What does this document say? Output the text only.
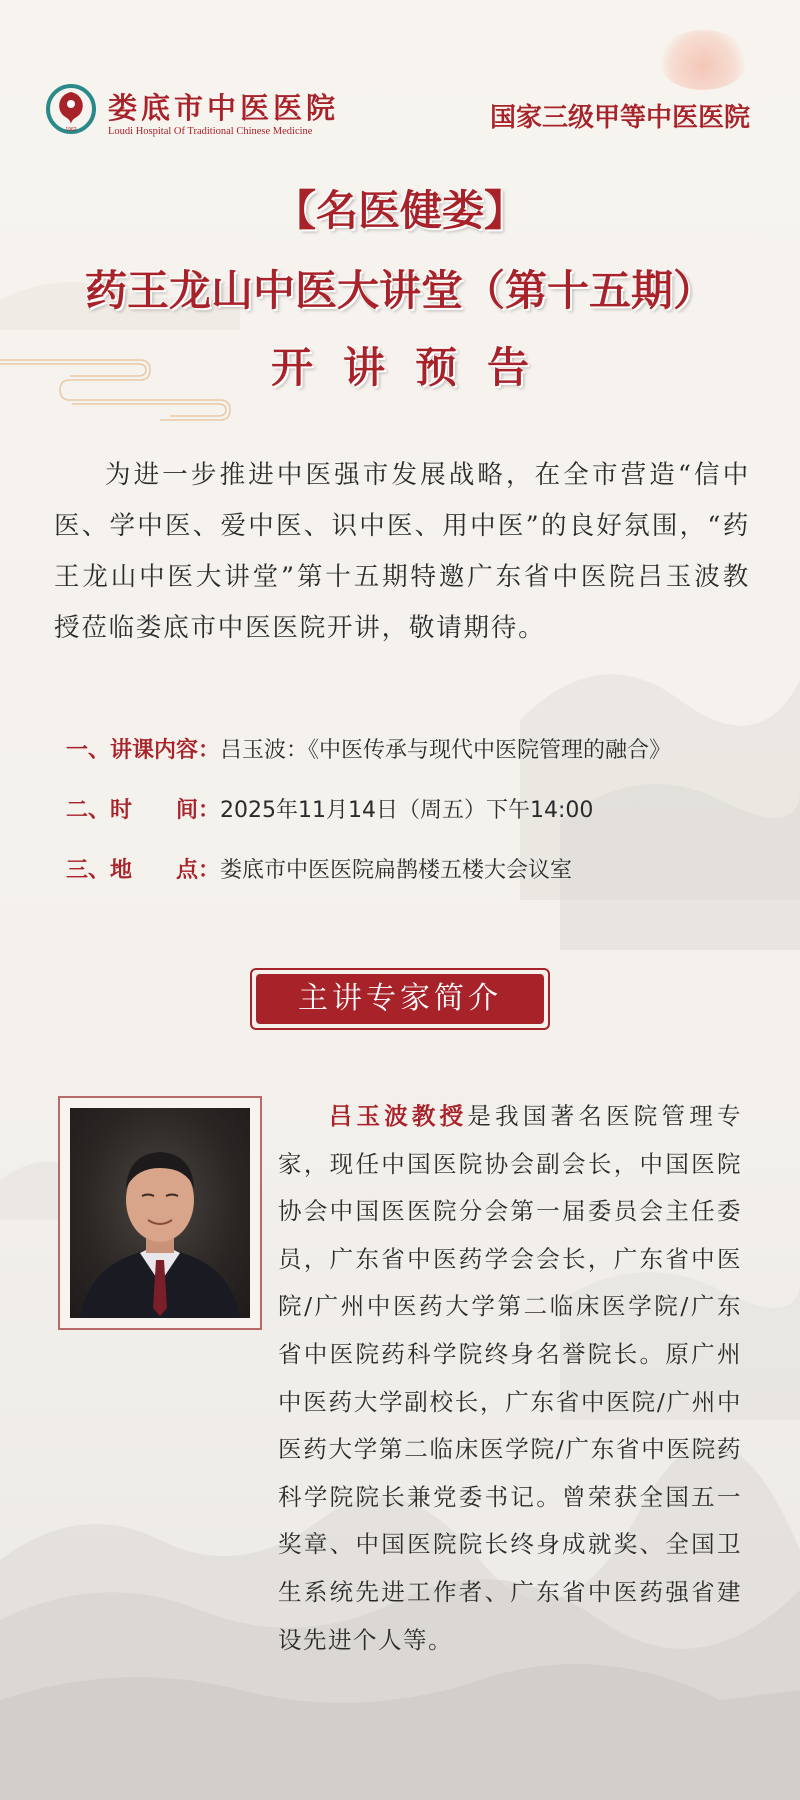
1962
娄底市中医医院
Loudi Hospital Of Traditional Chinese Medicine	国家三级甲等中医医院
【名医健娄】
药王龙山中医大讲堂（第十五期）
开讲预告
为进一步推进中医强市发展战略，在全市营造“信中医、学中医、爱中医、识中医、用中医”的良好氛围，“药王龙山中医大讲堂”第十五期特邀广东省中医院吕玉波教授莅临娄底市中医医院开讲，敬请期待。
一、讲课内容：吕玉波：《中医传承与现代中医院管理的融合》
二、时　　间：2025年11月14日（周五）下午14:00
三、地　　点：娄底市中医医院扁鹊楼五楼大会议室
主讲专家简介
吕玉波教授是我国著名医院管理专家，现任中国医院协会副会长，中国医院协会中国医医院分会第一届委员会主任委员，广东省中医药学会会长，广东省中医院/广州中医药大学第二临床医学院/广东省中医院药科学院终身名誉院长。原广州中医药大学副校长，广东省中医院/广州中医药大学第二临床医学院/广东省中医院药科学院院长兼党委书记。曾荣获全国五一奖章、中国医院院长终身成就奖、全国卫生系统先进工作者、广东省中医药强省建设先进个人等。
